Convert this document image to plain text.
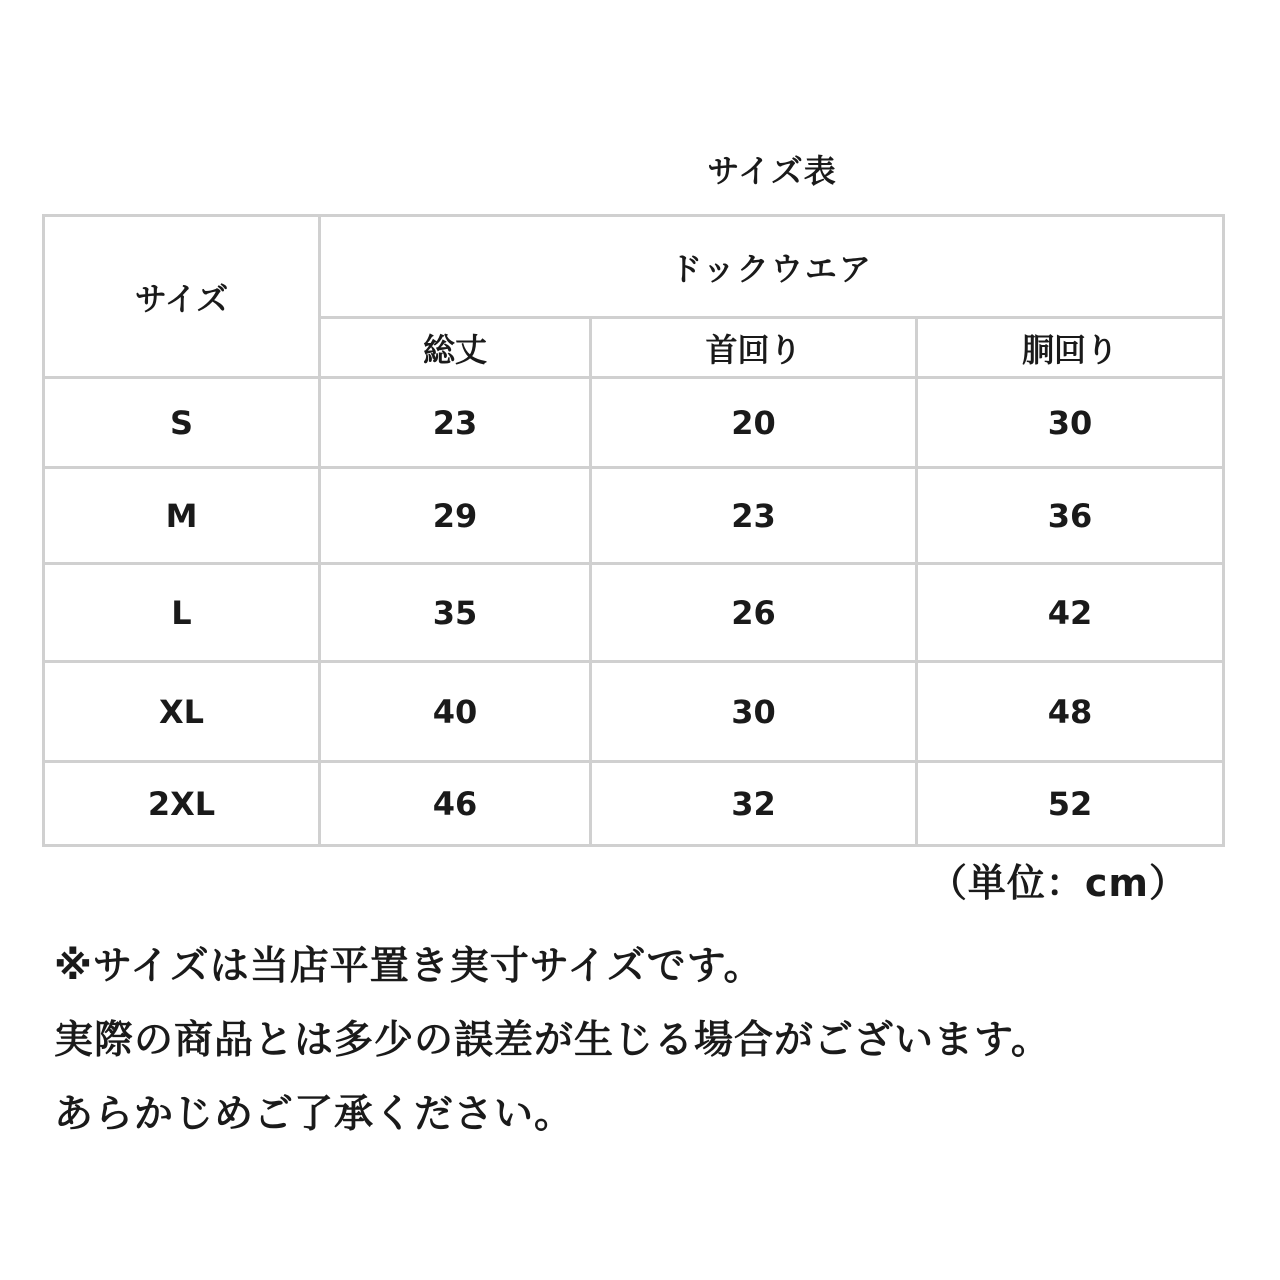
サイズ表
サイズ	ドックウエア		
	総丈	首回り	胴回り
S	23	20	30
M	29	23	36
L	35	26	42
XL	40	30	48
2XL	46	32	52
（単位：cm）
※サイズは当店平置き実寸サイズです。
実際の商品とは多少の誤差が生じる場合がございます。
あらかじめご了承ください。
